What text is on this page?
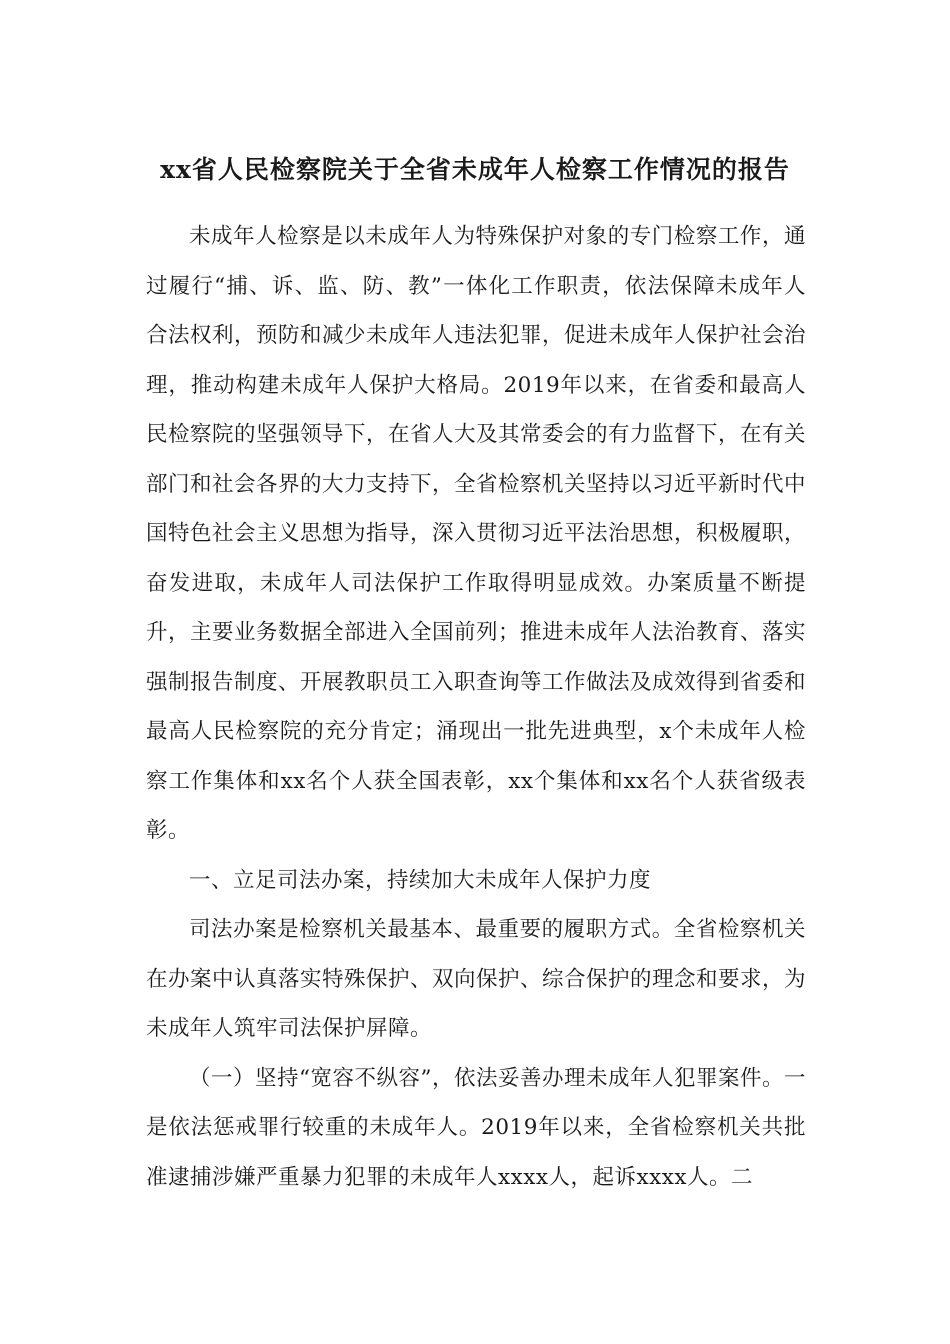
xx省人民检察院关于全省未成年人检察工作情况的报告

未成年人检察是以未成年人为特殊保护对象的专门检察工作，通过履行“捕、诉、监、防、教”一体化工作职责，依法保障未成年人合法权利，预防和减少未成年人违法犯罪，促进未成年人保护社会治理，推动构建未成年人保护大格局。2019年以来，在省委和最高人民检察院的坚强领导下，在省人大及其常委会的有力监督下，在有关部门和社会各界的大力支持下，全省检察机关坚持以习近平新时代中国特色社会主义思想为指导，深入贯彻习近平法治思想，积极履职，奋发进取，未成年人司法保护工作取得明显成效。办案质量不断提升，主要业务数据全部进入全国前列；推进未成年人法治教育、落实强制报告制度、开展教职员工入职查询等工作做法及成效得到省委和最高人民检察院的充分肯定；涌现出一批先进典型，x个未成年人检察工作集体和xx名个人获全国表彰，xx个集体和xx名个人获省级表彰。

一、立足司法办案，持续加大未成年人保护力度

司法办案是检察机关最基本、最重要的履职方式。全省检察机关在办案中认真落实特殊保护、双向保护、综合保护的理念和要求，为未成年人筑牢司法保护屏障。

（一）坚持“宽容不纵容”，依法妥善办理未成年人犯罪案件。一是依法惩戒罪行较重的未成年人。2019年以来，全省检察机关共批准逮捕涉嫌严重暴力犯罪的未成年人xxxx人，起诉xxxx人。二
